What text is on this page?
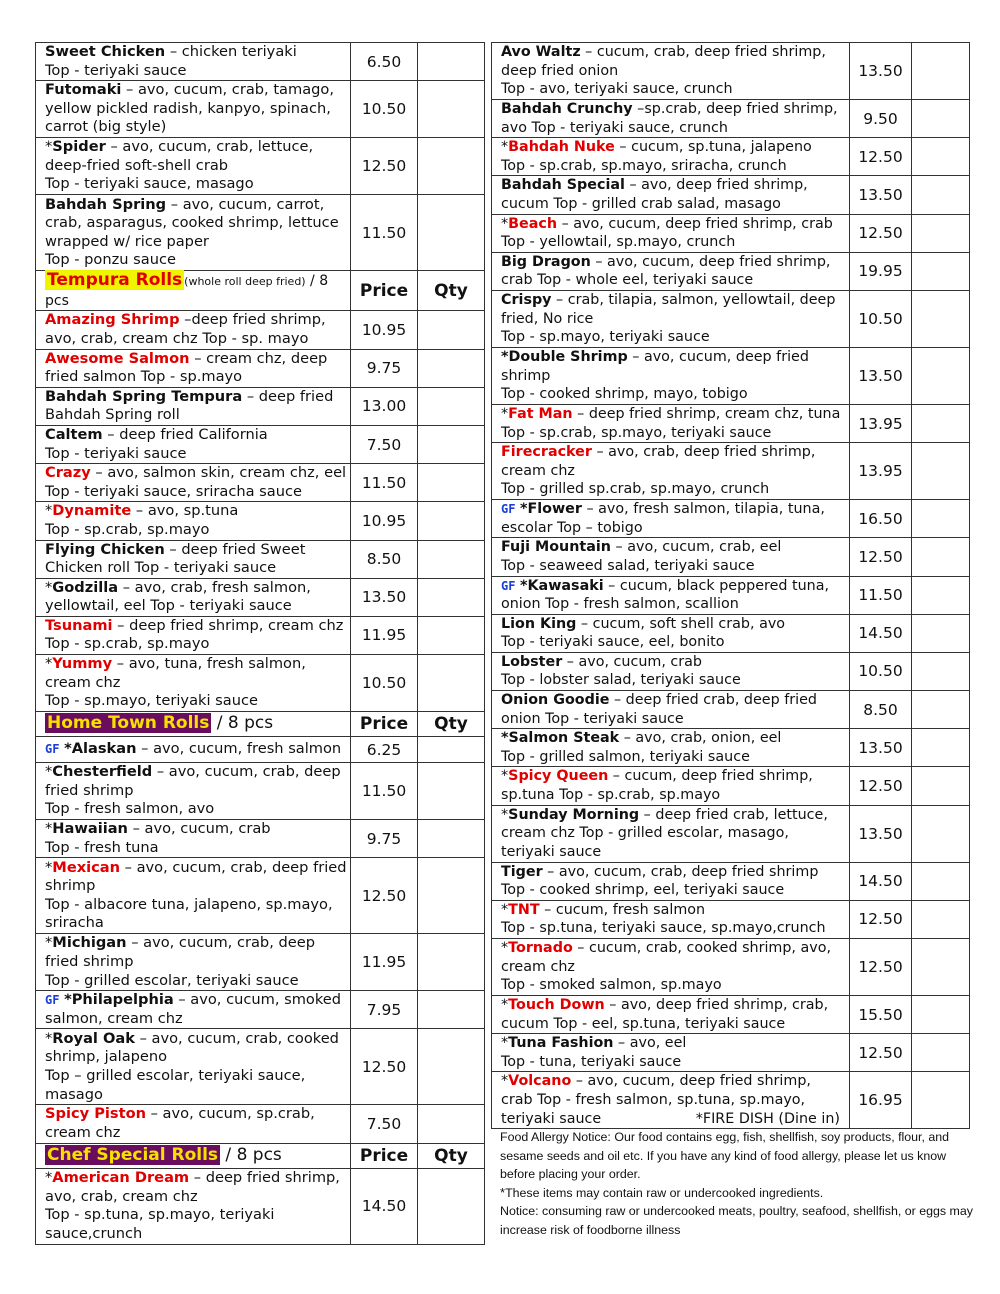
Sweet Chicken – chicken teriyaki
Top - teriyaki sauce	6.50	
Futomaki – avo, cucum, crab, tamago, yellow pickled radish, kanpyo, spinach, carrot (big style)	10.50	
*Spider – avo, cucum, crab, lettuce, deep-fried soft-shell crab
Top - teriyaki sauce, masago	12.50	
Bahdah Spring – avo, cucum, carrot, crab, asparagus, cooked shrimp, lettuce wrapped w/ rice paper
Top - ponzu sauce	11.50	
Tempura Rolls (whole roll deep fried) / 8 pcs	Price	Qty
Amazing Shrimp –deep fried shrimp, avo, crab, cream chz Top - sp. mayo	10.95	
Awesome Salmon – cream chz, deep fried salmon Top - sp.mayo	9.75	
Bahdah Spring Tempura – deep fried Bahdah Spring roll	13.00	
Caltem – deep fried California
Top - teriyaki sauce	7.50	
Crazy – avo, salmon skin, cream chz, eel Top - teriyaki sauce, sriracha sauce	11.50	
*Dynamite – avo, sp.tuna
Top - sp.crab, sp.mayo	10.95	
Flying Chicken – deep fried Sweet Chicken roll Top - teriyaki sauce	8.50	
*Godzilla – avo, crab, fresh salmon, yellowtail, eel Top - teriyaki sauce	13.50	
Tsunami – deep fried shrimp, cream chz Top - sp.crab, sp.mayo	11.95	
*Yummy – avo, tuna, fresh salmon, cream chz
Top - sp.mayo, teriyaki sauce	10.50	
Home Town Rolls / 8 pcs	Price	Qty
GF *Alaskan – avo, cucum, fresh salmon	6.25	
*Chesterfield – avo, cucum, crab, deep fried shrimp
Top - fresh salmon, avo	11.50	
*Hawaiian – avo, cucum, crab
Top - fresh tuna	9.75	
*Mexican – avo, cucum, crab, deep fried shrimp
Top - albacore tuna, jalapeno, sp.mayo, sriracha	12.50	
*Michigan – avo, cucum, crab, deep fried shrimp
Top - grilled escolar, teriyaki sauce	11.95	
GF *Philapelphia – avo, cucum, smoked salmon, cream chz	7.95	
*Royal Oak – avo, cucum, crab, cooked shrimp, jalapeno
Top – grilled escolar, teriyaki sauce, masago	12.50	
Spicy Piston – avo, cucum, sp.crab, cream chz	7.50	
Chef Special Rolls / 8 pcs	Price	Qty
*American Dream – deep fried shrimp, avo, crab, cream chz
Top - sp.tuna, sp.mayo, teriyaki sauce,crunch	14.50	
Avo Waltz – cucum, crab, deep fried shrimp, deep fried onion
Top - avo, teriyaki sauce, crunch	13.50	
Bahdah Crunchy –sp.crab, deep fried shrimp, avo Top - teriyaki sauce, crunch	9.50	
*Bahdah Nuke – cucum, sp.tuna, jalapeno
Top - sp.crab, sp.mayo, sriracha, crunch	12.50	
Bahdah Special – avo, deep fried shrimp, cucum Top - grilled crab salad, masago	13.50	
*Beach – avo, cucum, deep fried shrimp, crab Top - yellowtail, sp.mayo, crunch	12.50	
Big Dragon – avo, cucum, deep fried shrimp, crab Top - whole eel, teriyaki sauce	19.95	
Crispy – crab, tilapia, salmon, yellowtail, deep fried, No rice
Top - sp.mayo, teriyaki sauce	10.50	
*Double Shrimp – avo, cucum, deep fried shrimp
Top - cooked shrimp, mayo, tobigo	13.50	
*Fat Man – deep fried shrimp, cream chz, tuna Top - sp.crab, sp.mayo, teriyaki sauce	13.95	
Firecracker – avo, crab, deep fried shrimp, cream chz
Top - grilled sp.crab, sp.mayo, crunch	13.95	
GF *Flower – avo, fresh salmon, tilapia, tuna, escolar Top – tobigo	16.50	
Fuji Mountain – avo, cucum, crab, eel
Top - seaweed salad, teriyaki sauce	12.50	
GF *Kawasaki – cucum, black peppered tuna, onion Top - fresh salmon, scallion	11.50	
Lion King – cucum, soft shell crab, avo
Top - teriyaki sauce, eel, bonito	14.50	
Lobster – avo, cucum, crab
Top - lobster salad, teriyaki sauce	10.50	
Onion Goodie – deep fried crab, deep fried onion Top - teriyaki sauce	8.50	
*Salmon Steak – avo, crab, onion, eel
Top - grilled salmon, teriyaki sauce	13.50	
*Spicy Queen – cucum, deep fried shrimp, sp.tuna Top - sp.crab, sp.mayo	12.50	
*Sunday Morning – deep fried crab, lettuce, cream chz Top - grilled escolar, masago, teriyaki sauce	13.50	
Tiger – avo, cucum, crab, deep fried shrimp
Top - cooked shrimp, eel, teriyaki sauce	14.50	
*TNT – cucum, fresh salmon
Top - sp.tuna, teriyaki sauce, sp.mayo,crunch	12.50	
*Tornado – cucum, crab, cooked shrimp, avo, cream chz
Top - smoked salmon, sp.mayo	12.50	
*Touch Down – avo, deep fried shrimp, crab, cucum Top - eel, sp.tuna, teriyaki sauce	15.50	
*Tuna Fashion – avo, eel
Top - tuna, teriyaki sauce	12.50	
*Volcano – avo, cucum, deep fried shrimp, crab Top - fresh salmon, sp.tuna, sp.mayo, teriyaki sauce *FIRE DISH (Dine in)	16.95	

Food Allergy Notice: Our food contains egg, fish, shellfish, soy products, flour, and sesame seeds and oil etc. If you have any kind of food allergy, please let us know before placing your order.

*These items may contain raw or undercooked ingredients.

Notice: consuming raw or undercooked meats, poultry, seafood, shellfish, or eggs may increase risk of foodborne illness
